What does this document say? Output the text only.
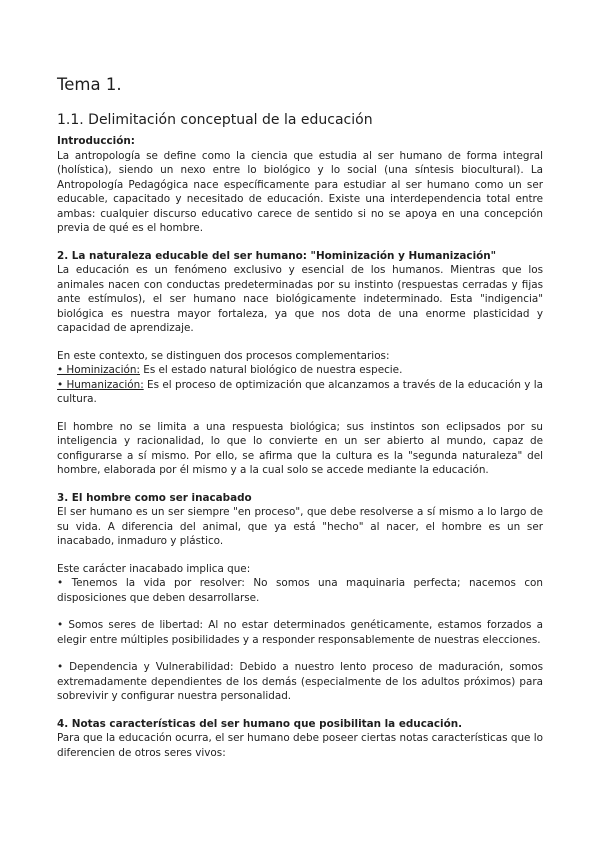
Tema 1.
1.1. Delimitación conceptual de la educación
Introducción:
La antropología se define como la ciencia que estudia al ser humano de forma integral (holística), siendo un nexo entre lo biológico y lo social (una síntesis biocultural). La Antropología Pedagógica nace específicamente para estudiar al ser humano como un ser educable, capacitado y necesitado de educación. Existe una interdependencia total entre ambas: cualquier discurso educativo carece de sentido si no se apoya en una concepción previa de qué es el hombre.
2. La naturaleza educable del ser humano: "Hominización y Humanización"
La educación es un fenómeno exclusivo y esencial de los humanos. Mientras que los animales nacen con conductas predeterminadas por su instinto (respuestas cerradas y fijas ante estímulos), el ser humano nace biológicamente indeterminado. Esta "indigencia" biológica es nuestra mayor fortaleza, ya que nos dota de una enorme plasticidad y capacidad de aprendizaje.
En este contexto, se distinguen dos procesos complementarios:
• Hominización: Es el estado natural biológico de nuestra especie.
• Humanización: Es el proceso de optimización que alcanzamos a través de la educación y la cultura.
El hombre no se limita a una respuesta biológica; sus instintos son eclipsados por su inteligencia y racionalidad, lo que lo convierte en un ser abierto al mundo, capaz de configurarse a sí mismo. Por ello, se afirma que la cultura es la "segunda naturaleza" del hombre, elaborada por él mismo y a la cual solo se accede mediante la educación.
3. El hombre como ser inacabado
El ser humano es un ser siempre "en proceso", que debe resolverse a sí mismo a lo largo de su vida. A diferencia del animal, que ya está "hecho" al nacer, el hombre es un ser inacabado, inmaduro y plástico.
Este carácter inacabado implica que:
• Tenemos la vida por resolver: No somos una maquinaria perfecta; nacemos con disposiciones que deben desarrollarse.
• Somos seres de libertad: Al no estar determinados genéticamente, estamos forzados a elegir entre múltiples posibilidades y a responder responsablemente de nuestras elecciones.
• Dependencia y Vulnerabilidad: Debido a nuestro lento proceso de maduración, somos extremadamente dependientes de los demás (especialmente de los adultos próximos) para sobrevivir y configurar nuestra personalidad.
4. Notas características del ser humano que posibilitan la educación.
Para que la educación ocurra, el ser humano debe poseer ciertas notas características que lo diferencien de otros seres vivos:
